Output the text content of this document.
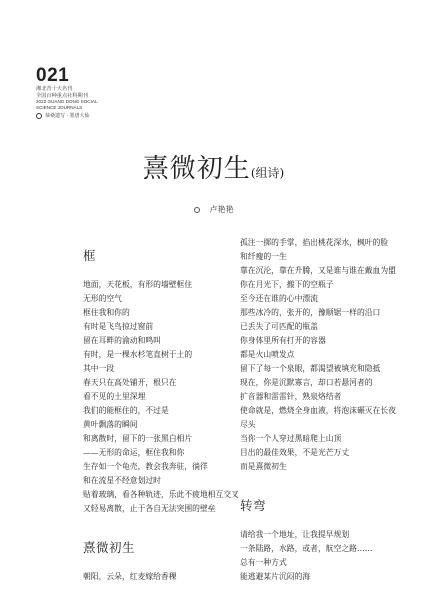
021
湘北青十大名刊
全国百种重点社科期刊
2022 GUANG DONG SOCIAL
SCIENCE JOURNALS
恭桑遗写 · 墨唐大仙
熹微初生(组诗)
卢艳艳
框
地面，天花板，有形的墙壁框住
无形的空气
框住我和你的
有时是飞鸟掠过窗前
留在耳畔的渝动和鸣叫
有时，是一棵水杉笔直树于土的
其中一段
春天只在高处铺开，根只在
看不见的土里深埋
我们的能框住的，不过是
黄叶飘落的瞬间
和离散时，留下的一张黑白相片
——无形的命运，框住我和你
生存如一个龟壳，教会我奔驻，徜徉
和在流星不经意划过时
贴着玻璃，看各种轨迹，乐此不疲地相互交叉
又轻易离散，止于各自无法突围的壁垒
熹微初生
朝阳，云朵，红麦嫁给香稞
孤注一掷的手掌，掐出桃花深水，枫叶的脸
和纤瘦的一生
靠在沉沦，靠在升腾，又是谁与谁在戴血为盟
你在月光下，搬下的空瓶子
至今还在谁的心中漂流
那些冰冷的，张开的，豫顺锯一样的沿口
已丢失了可匹配的瓶盖
你身体里所有打开的容器
都是火山喷发点
留下了每一个泉眼，都渴望被填充和隐抵
现在，你是沉默寡言，却口若悬河者的
扩音器和雷雷针，熟泉烙结者
使命就是，燃烧全身血液，将泡沫碾灭在长夜
尽头
当你一个人穿过黑暗爬上山顶
目出的最佳效果，不是光芒万丈
而是熹微初生
转弯
请给我一个地址，让我提早规划
一条陆路，水路，或者，航空之路……
总有一种方式
能逃避某片沉闷的海
